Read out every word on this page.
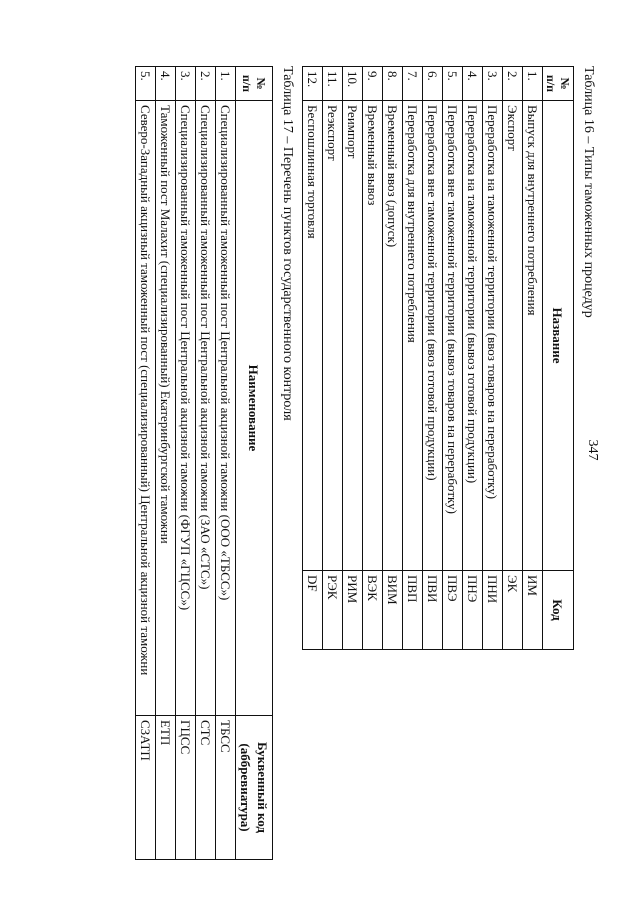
347
Таблица 16 – Типы таможенных процедур
№
п/п	Название	Код
1.	Выпуск для внутреннего потребления	ИМ
2.	Экспорт	ЭК
3.	Переработка на таможенной территории (ввоз товаров на переработку)	ПНИ
4.	Переработка на таможенной территории (вывоз готовой продукции)	ПНЭ
5.	Переработка вне таможенной территории (вывоз товаров на переработку)	ПВЭ
6.	Переработка вне таможенной территории (ввоз готовой продукции)	ПВИ
7.	Переработка для внутреннего потребления	ПВП
8.	Временный ввоз (допуск)	ВИМ
9.	Временный вывоз	ВЭК
10.	Реимпорт	РИМ
11.	Реэкспорт	РЭК
12.	Беспошлинная торговля	DF
Таблица 17 – Перечень пунктов государственного контроля
№
п/п	Наименование	Буквенный код
(аббревиатура)
1.	Специализированный таможенный пост Центральной акцизной таможни (ООО «ТБСС»)	ТБСС
2.	Специализированный таможенный пост Центральной акцизной таможни (ЗАО «СТС»)	СТС
3.	Специализированный таможенный пост Центральной акцизной таможни (ФГУП «ГЦСС»)	ГЦСС
4.	Таможенный пост Малахит (специализированный) Екатеринбургской таможни	ЕТП
5.	Северо-Западный акцизный таможенный пост (специализированный) Центральной акцизной таможни	СЗАТП
